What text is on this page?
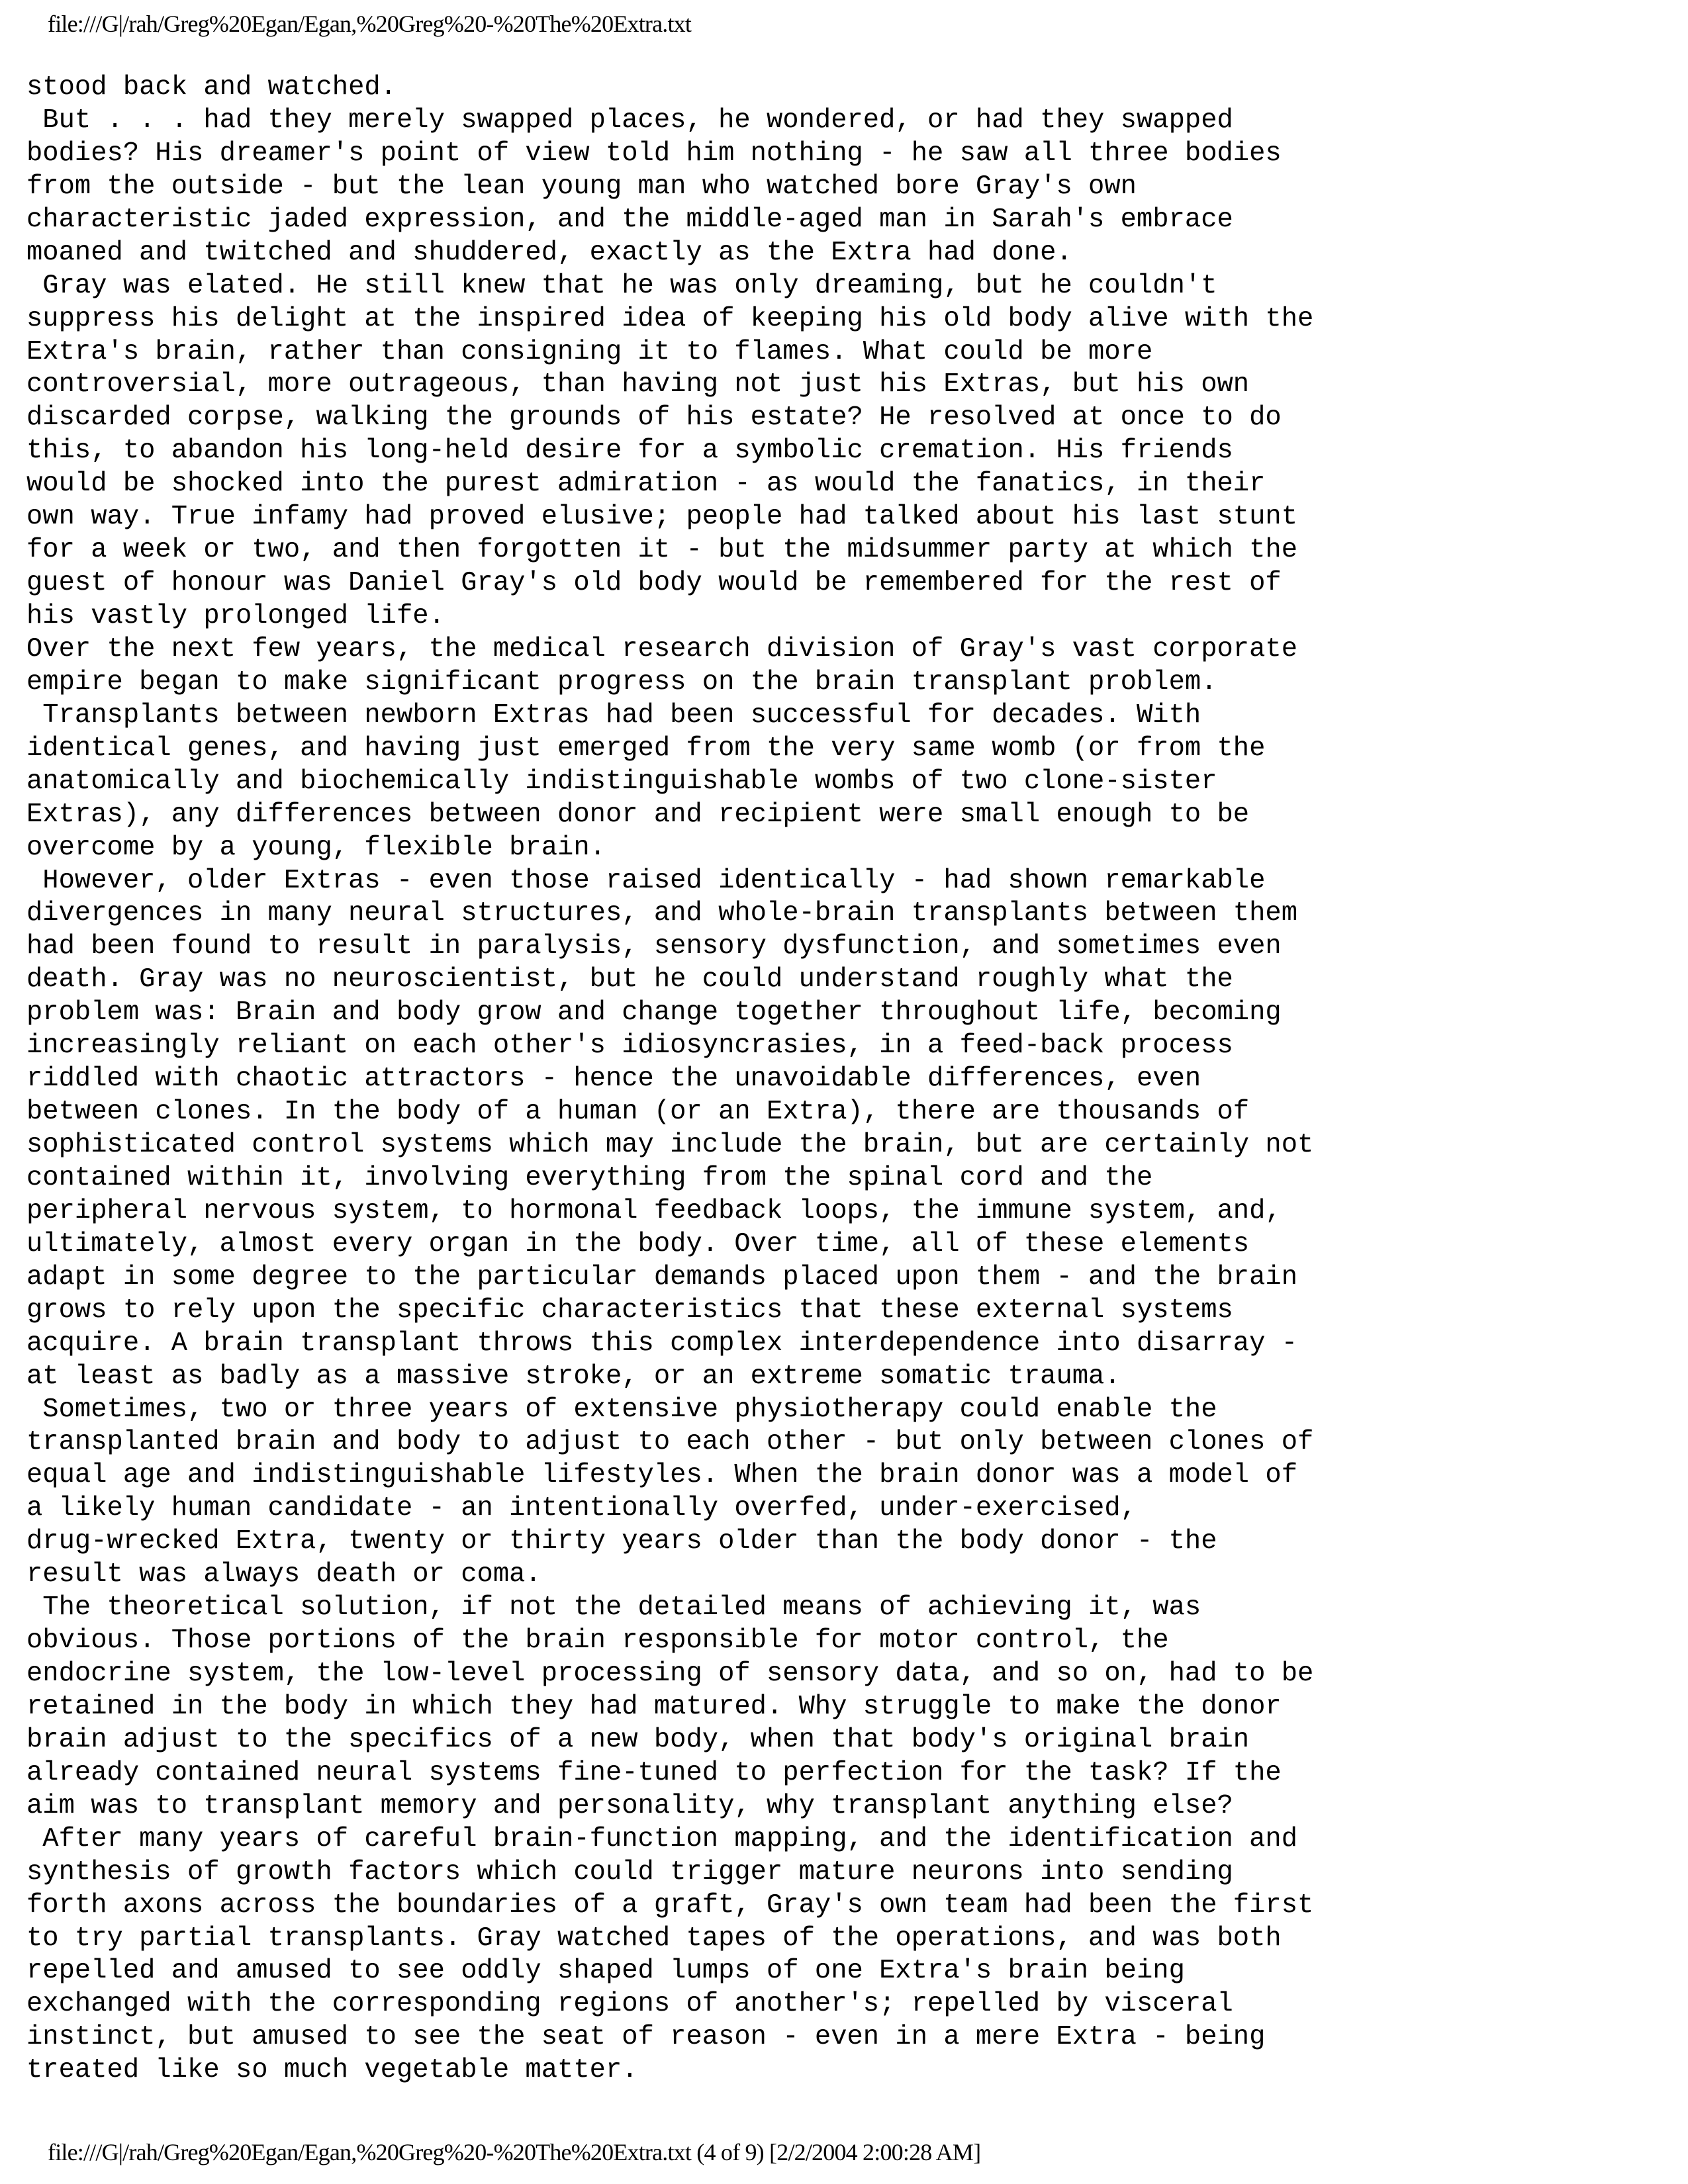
file:///G|/rah/Greg%20Egan/Egan,%20Greg%20-%20The%20Extra.txt
stood back and watched.
But . . . had they merely swapped places, he wondered, or had they swapped
bodies? His dreamer's point of view told him nothing - he saw all three bodies
from the outside - but the lean young man who watched bore Gray's own
characteristic jaded expression, and the middle-aged man in Sarah's embrace
moaned and twitched and shuddered, exactly as the Extra had done.
Gray was elated. He still knew that he was only dreaming, but he couldn't
suppress his delight at the inspired idea of keeping his old body alive with the
Extra's brain, rather than consigning it to flames. What could be more
controversial, more outrageous, than having not just his Extras, but his own
discarded corpse, walking the grounds of his estate? He resolved at once to do
this, to abandon his long-held desire for a symbolic cremation. His friends
would be shocked into the purest admiration - as would the fanatics, in their
own way. True infamy had proved elusive; people had talked about his last stunt
for a week or two, and then forgotten it - but the midsummer party at which the
guest of honour was Daniel Gray's old body would be remembered for the rest of
his vastly prolonged life.
Over the next few years, the medical research division of Gray's vast corporate
empire began to make significant progress on the brain transplant problem.
Transplants between newborn Extras had been successful for decades. With
identical genes, and having just emerged from the very same womb (or from the
anatomically and biochemically indistinguishable wombs of two clone-sister
Extras), any differences between donor and recipient were small enough to be
overcome by a young, flexible brain.
However, older Extras - even those raised identically - had shown remarkable
divergences in many neural structures, and whole-brain transplants between them
had been found to result in paralysis, sensory dysfunction, and sometimes even
death. Gray was no neuroscientist, but he could understand roughly what the
problem was: Brain and body grow and change together throughout life, becoming
increasingly reliant on each other's idiosyncrasies, in a feed-back process
riddled with chaotic attractors - hence the unavoidable differences, even
between clones. In the body of a human (or an Extra), there are thousands of
sophisticated control systems which may include the brain, but are certainly not
contained within it, involving everything from the spinal cord and the
peripheral nervous system, to hormonal feedback loops, the immune system, and,
ultimately, almost every organ in the body. Over time, all of these elements
adapt in some degree to the particular demands placed upon them - and the brain
grows to rely upon the specific characteristics that these external systems
acquire. A brain transplant throws this complex interdependence into disarray -
at least as badly as a massive stroke, or an extreme somatic trauma.
Sometimes, two or three years of extensive physiotherapy could enable the
transplanted brain and body to adjust to each other - but only between clones of
equal age and indistinguishable lifestyles. When the brain donor was a model of
a likely human candidate - an intentionally overfed, under-exercised,
drug-wrecked Extra, twenty or thirty years older than the body donor - the
result was always death or coma.
The theoretical solution, if not the detailed means of achieving it, was
obvious. Those portions of the brain responsible for motor control, the
endocrine system, the low-level processing of sensory data, and so on, had to be
retained in the body in which they had matured. Why struggle to make the donor
brain adjust to the specifics of a new body, when that body's original brain
already contained neural systems fine-tuned to perfection for the task? If the
aim was to transplant memory and personality, why transplant anything else?
After many years of careful brain-function mapping, and the identification and
synthesis of growth factors which could trigger mature neurons into sending
forth axons across the boundaries of a graft, Gray's own team had been the first
to try partial transplants. Gray watched tapes of the operations, and was both
repelled and amused to see oddly shaped lumps of one Extra's brain being
exchanged with the corresponding regions of another's; repelled by visceral
instinct, but amused to see the seat of reason - even in a mere Extra - being
treated like so much vegetable matter.
file:///G|/rah/Greg%20Egan/Egan,%20Greg%20-%20The%20Extra.txt (4 of 9) [2/2/2004 2:00:28 AM]
